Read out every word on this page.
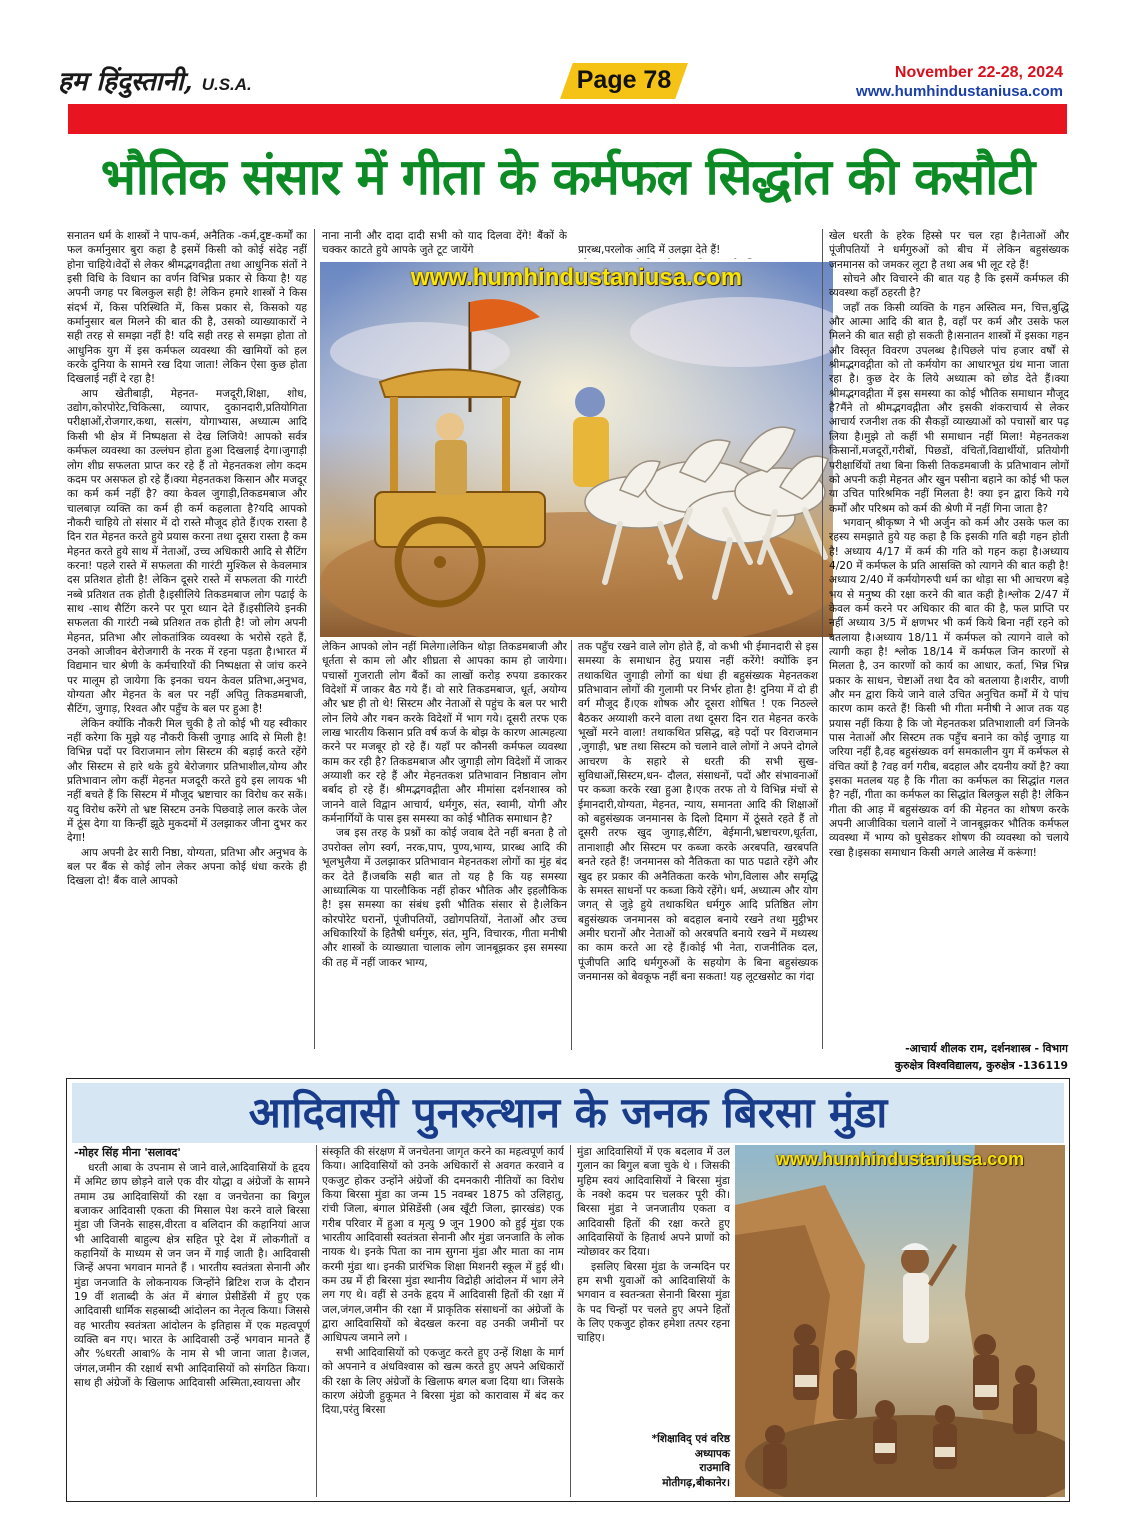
हम हिंदुस्तानी, U.S.A.	Page 78	November 22-28, 2024
www.humhindustaniusa.com
भौतिक संसार में गीता के कर्मफल सिद्धांत की कसौटी

सनातन धर्म के शास्त्रों ने पाप-कर्म, अनैतिक -कर्म,दुष्ट-कर्मों का फल कर्मानुसार बुरा कहा है इसमें किसी को कोई संदेह नहीं होना चाहिये।वेदों से लेकर श्रीमद्भगवद्गीता तथा आधुनिक संतों ने इसी विधि के विधान का वर्णन विभिन्न प्रकार से किया है! यह अपनी जगह पर बिलकुल सही है! लेकिन हमारे शास्त्रों ने किस संदर्भ में, किस परिस्थिति में, किस प्रकार से, किसको यह कर्मानुसार बल मिलने की बात की है, उसको व्याख्याकारों ने सही तरह से समझा नहीं है! यदि सही तरह से समझा होता तो आधुनिक युग में इस कर्मफल व्यवस्था की खामियों को हल करके दुनिया के सामने रख दिया जाता! लेकिन ऐसा कुछ होता दिखलाई नहीं दे रहा है!

आप खेतीबाड़ी, मेहनत- मजदूरी,शिक्षा, शोध, उद्योग,कोरपोरेट,चिकित्सा, व्यापार, दुकानदारी,प्रतियोगिता परीक्षाओं,रोजगार,कथा, सत्संग, योगाभ्यास, अध्यात्म आदि किसी भी क्षेत्र में निष्पक्षता से देख लिजिये! आपको सर्वत्र कर्मफल व्यवस्था का उल्लंघन होता हुआ दिखलाई देगा।जुगाड़ी लोग शीघ्र सफलता प्राप्त कर रहे हैं तो मेहनतकश लोग कदम कदम पर असफल हो रहे हैं।क्या मेहनतकश किसान और मजदूर का कर्म कर्म नहीं है? क्या केवल जुगाड़ी,तिकडमबाज और चालबाज़ व्यक्ति का कर्म ही कर्म कहलाता है?यदि आपको नौकरी चाहिये तो संसार में दो रास्ते मौजूद होते हैं।एक रास्ता है दिन रात मेहनत करते हुये प्रयास करना तथा दूसरा रास्ता है कम मेहनत करते हुये साथ में नेताओं, उच्च अधिकारी आदि से सैटिंग करना! पहले रास्ते में सफलता की गारंटी मुश्किल से केवलमात्र दस प्रतिशत होती है! लेकिन दूसरे रास्ते में सफलता की गारंटी नब्बे प्रतिशत तक होती है।इसीलिये तिकडमबाज लोग पढाई के साथ -साथ सैटिंग करने पर पूरा ध्यान देते हैं।इसीलिये इनकी सफलता की गारंटी नब्बे प्रतिशत तक होती है! जो लोग अपनी मेहनत, प्रतिभा और लोकतांत्रिक व्यवस्था के भरोसे रहते हैं, उनको आजीवन बेरोजगारी के नरक में रहना पड़ता है।भारत में विद्यमान चार श्रेणी के कर्मचारियों की निष्पक्षता से जांच करने पर मालूम हो जायेगा कि इनका चयन केवल प्रतिभा,अनुभव, योग्यता और मेहनत के बल पर नहीं अपितु तिकडमबाजी, सैटिंग, जुगाड़, रिश्वत और पहुँच के बल पर हुआ है!

लेकिन क्योंकि नौकरी मिल चुकी है तो कोई भी यह स्वीकार नहीं करेगा कि मुझे यह नौकरी किसी जुगाड़ आदि से मिली है! विभिन्न पदों पर विराजमान लोग सिस्टम की बड़ाई करते रहेंगे और सिस्टम से हारे थके हुये बेरोजगार प्रतिभाशील,योग्य और प्रतिभावान लोग कहीं मेहनत मजदूरी करते हुये इस लायक भी नहीं बचते हैं कि सिस्टम में मौजूद भ्रष्टाचार का विरोध कर सकें।यदु विरोध करेंगे तो भ्रष्ट सिस्टम उनके पिछवाड़े लाल करके जेल में ठूंस देगा या किन्हीं झूठे मुकदमों में उलझाकर जीना दुभर कर देगा!

आप अपनी ढेर सारी निष्ठा, योग्यता, प्रतिभा और अनुभव के बल पर बैंक से कोई लोन लेकर अपना कोई धंधा करके ही दिखला दो! बैंक वाले आपको

नाना नानी और दादा दादी सभी को याद दिलवा देंगे! बैंकों के चक्कर काटते हुये आपके जुते टूट जायेंगे	प्रारब्ध,परलोक आदि में उलझा देते हैं!

www.humhindustaniusa.com

लेकिन आपको लोन नहीं मिलेगा।लेकिन थोड़ा तिकडमबाजी और धूर्तता से काम लो और शीघ्रता से आपका काम हो जायेगा। पचासों गुजराती लोग बैंकों का लाखों करोड़ रुपया डकारकर विदेशों में जाकर बैठ गये हैं। वो सारे तिकडमबाज, धूर्त, अयोग्य और भ्रष्ट ही तो थे! सिस्टम और नेताओं से पहुंच के बल पर भारी लोन लिये और गबन करके विदेशों में भाग गये। दूसरी तरफ एक लाख भारतीय किसान प्रति वर्ष कर्ज के बोझ के कारण आत्महत्या करने पर मजबूर हो रहे हैं। यहाँ पर कौनसी कर्मफल व्यवस्था काम कर रही है? तिकडमबाज और जुगाड़ी लोग विदेशों में जाकर अय्याशी कर रहे हैं और मेहनतकश प्रतिभावान निष्ठावान लोग बर्बाद हो रहे हैं। श्रीमद्भगवद्गीता और मीमांसा दर्शनशास्त्र को जानने वाले विद्वान आचार्य, धर्मगुरु, संत, स्वामी, योगी और कर्मनार्गियों के पास इस समस्या का कोई भौतिक समाधान है?

जब इस तरह के प्रश्नों का कोई जवाब देते नहीं बनता है तो उपरोक्त लोग स्वर्ग, नरक,पाप, पुण्य,भाग्य, प्रारब्ध आदि की भूलभुलैया में उलझाकर प्रतिभावान मेहनतकश लोगों का मुंह बंद कर देते हैं।जबकि सही बात तो यह है कि यह समस्या आध्यात्मिक या पारलौकिक नहीं होकर भौतिक और इहलौकिक है! इस समस्या का संबंध इसी भौतिक संसार से है।लेकिन कोरपोरेट घरानों, पूंजीपतियों, उद्योगपतियों, नेताओं और उच्च अधिकारियों के हितैषी धर्मगुरु, संत, मुनि, विचारक, गीता मनीषी और शास्त्रों के व्याख्याता चालाक लोग जानबूझकर इस समस्या की तह में नहीं जाकर भाग्य,

तक पहुँच रखने वाले लोग होते हैं, वो कभी भी ईमानदारी से इस समस्या के समाधान हेतु प्रयास नहीं करेंगे! क्योंकि इन तथाकथित जुगाड़ी लोगों का धंधा ही बहुसंख्यक मेहनतकश प्रतिभावान लोगों की गुलामी पर निर्भर होता है! दुनिया में दो ही वर्ग मौजूद हैं।एक शोषक और दूसरा शोषित ! एक निठल्ले बैठकर अय्याशी करने वाला तथा दूसरा दिन रात मेहनत करके भूखों मरने वाला! तथाकथित प्रसिद्ध, बड़े पदों पर विराजमान ,जुगाड़ी, भ्रष्ट तथा सिस्टम को चलाने वाले लोगों ने अपने दोगले आचरण के सहारे से धरती की सभी सुख-सुविधाओं,सिस्टम,धन- दौलत, संसाधनों, पदों और संभावनाओं पर कब्जा करके रखा हुआ है।एक तरफ तो ये विभिन्न मंचों से ईमानदारी,योग्यता, मेहनत, न्याय, समानता आदि की शिक्षाओं को बहुसंख्यक जनमानस के दिलो दिमाग में ठूंसते रहते हैं तो दूसरी तरफ खुद जुगाड़,सैटिंग, बेईमानी,भ्रष्टाचरण,धूर्तता, तानाशाही और सिस्टम पर कब्जा करके अरबपति, खरबपति बनते रहते हैं! जनमानस को नैतिकता का पाठ पढाते रहेंगे और खुद हर प्रकार की अनैतिकता करके भोग,विलास और समृद्धि के समस्त साधनों पर कब्जा किये रहेंगे। धर्म, अध्यात्म और योग जगत् से जुड़े हुये तथाकथित धर्मगुरु आदि प्रतिष्ठित लोग बहुसंख्यक जनमानस को बदहाल बनाये रखने तथा मुट्ठीभर अमीर घरानों और नेताओं को अरबपति बनाये रखने में मध्यस्थ का काम करते आ रहे हैं।कोई भी नेता, राजनीतिक दल, पूंजीपति आदि धर्मगुरुओं के सहयोग के बिना बहुसंख्यक जनमानस को बेवकूफ नहीं बना सकता! यह लूटखसोट का गंदा

खेल धरती के हरेक हिस्से पर चल रहा है।नेताओं और पूंजीपतियों ने धर्मगुरुओं को बीच में लेकिन बहुसंख्यक जनमानस को जमकर लूटा है तथा अब भी लूट रहे हैं!

सोचने और विचारने की बात यह है कि इसमें कर्मफल की व्यवस्था कहाँ ठहरती है?

जहाँ तक किसी व्यक्ति के गहन अस्तित्व मन, चित्त,बुद्धि और आत्मा आदि की बात है, वहाँ पर कर्म और उसके फल मिलने की बात सही हो सकती है।सनातन शास्त्रों में इसका गहन और विस्तृत विवरण उपलब्ध है।पिछले पांच हजार वर्षों से श्रीमद्भगवद्गीता को तो कर्मयोग का आधारभूत ग्रंथ माना जाता रहा है। कुछ देर के लिये अध्यात्म को छोड देते हैं।क्या श्रीमद्भगवद्गीता में इस समस्या का कोई भौतिक समाधान मौजूद है?मैंने तो श्रीमद्भगवद्गीता और इसकी शंकराचार्य से लेकर आचार्य रजनीश तक की सैकड़ों व्याख्याओं को पचासों बार पढ़ लिया है।मुझे तो कहीं भी समाधान नहीं मिला! मेहनतकश किसानों,मजदूरों,गरीबों, पिछडों, वंचितों,विद्यार्थीयों, प्रतियोगी परीक्षार्थियों तथा बिना किसी तिकडमबाजी के प्रतिभावान लोगों को अपनी कड़ी मेहनत और खुन पसीना बहाने का कोई भी फल या उचित पारिश्रमिक नहीं मिलता है! क्या इन द्वारा किये गये कर्मों और परिश्रम को कर्म की श्रेणी में नहीं गिना जाता है?

भगवान् श्रीकृष्ण ने भी अर्जुन को कर्म और उसके फल का रहस्य समझाते हुये यह कहा है कि इसकी गति बड़ी गहन होती है! अध्याय 4/17 में कर्म की गति को गहन कहा है।अध्याय 4/20 में कर्मफल के प्रति आसक्ति को त्यागने की बात कही है! अध्याय 2/40 में कर्मयोगरुपी धर्म का थोड़ा सा भी आचरण बड़े भय से मनुष्य की रक्षा करने की बात कही है।श्लोक 2/47 में केवल कर्म करने पर अधिकार की बात की है, फल प्राप्ति पर नहीं अध्याय 3/5 में क्षणभर भी कर्म किये बिना नहीं रहने को बतलाया है।अध्याय 18/11 में कर्मफल को त्यागने वाले को त्यागी कहा है! श्लोक 18/14 में कर्मफल जिन कारणों से मिलता है, उन कारणों को कार्य का आधार, कर्ता, भिन्न भिन्न प्रकार के साधन, चेष्टाओं तथा दैव को बतलाया है।शरीर, वाणी और मन द्वारा किये जाने वाले उचित अनुचित कर्मों में ये पांच कारण काम करते हैं! किसी भी गीता मनीषी ने आज तक यह प्रयास नहीं किया है कि जो मेहनतकश प्रतिभाशाली वर्ग जिनके पास नेताओं और सिस्टम तक पहुँच बनाने का कोई जुगाड़ या जरिया नहीं है,वह बहुसंख्यक वर्ग समकालीन युग में कर्मफल से वंचित क्यों है ?वह वर्ग गरीब, बदहाल और दयनीय क्यों है? क्या इसका मतलब यह है कि गीता का कर्मफल का सिद्धांत गलत है? नहीं, गीता का कर्मफल का सिद्धांत बिलकुल सही है! लेकिन गीता की आड़ में बहुसंख्यक वर्ग की मेहनत का शोषण करके अपनी आजीविका चलाने वालों ने जानबूझकर भौतिक कर्मफल व्यवस्था में भाग्य को घुसेडकर शोषण की व्यवस्था को चलाये रखा है।इसका समाधान किसी अगले आलेख में करूंगा!

-आचार्य शीलक राम, दर्शनशास्त्र - विभाग
कुरुक्षेत्र विश्वविद्यालय, कुरुक्षेत्र -136119
आदिवासी पुनरुत्थान के जनक बिरसा मुंडा
-मोहर सिंह मीना 'सलावद'

धरती आबा के उपनाम से जाने वाले,आदिवासियों के हृदय में अमिट छाप छोड़ने वाले एक वीर योद्धा व अंग्रेजों के सामने तमाम उम्र आदिवासियों की रक्षा व जनचेतना का बिगुल बजाकर आदिवासी एकता की मिसाल पेश करने वाले बिरसा मुंडा जी जिनके साहस,वीरता व बलिदान की कहानियां आज भी आदिवासी बाहुल्य क्षेत्र सहित पूरे देश में लोकगीतों व कहानियों के माध्यम से जन जन में गाई जाती है। आदिवासी जिन्हें अपना भगवान मानते हैं । भारतीय स्वतंत्रता सेनानी और मुंडा जनजाति के लोकनायक जिन्होंने ब्रिटिश राज के दौरान 19 वीं शताब्दी के अंत में बंगाल प्रेसीडेंसी में हुए एक आदिवासी धार्मिक सहस्राब्दी आंदोलन का नेतृत्व किया। जिससे वह भारतीय स्वतंत्रता आंदोलन के इतिहास में एक महत्वपूर्ण व्यक्ति बन गए। भारत के आदिवासी उन्हें भगवान मानते हैं और %धरती आबा% के नाम से भी जाना जाता है।जल, जंगल,जमीन की रक्षार्थ सभी आदिवासियों को संगठित किया। साथ ही अंग्रेजों के खिलाफ आदिवासी अस्मिता,स्वायत्ता और

संस्कृति की संरक्षण में जनचेतना जागृत करने का महत्वपूर्ण कार्य किया। आदिवासियों को उनके अधिकारों से अवगत करवाने व एकजुट होकर उन्होंने अंग्रेजों की दमनकारी नीतियों का विरोध किया बिरसा मुंडा का जन्म 15 नवम्बर 1875 को उलिहातु, रांची जिला, बंगाल प्रेसिडेंसी (अब खूँटी जिला, झारखंड) एक गरीब परिवार में हुआ व मृत्यु 9 जून 1900 को हुई मुंडा एक भारतीय आदिवासी स्वतंत्रता सेनानी और मुंडा जनजाति के लोक नायक थे। इनके पिता का नाम सुगना मुंडा और माता का नाम करमी मुंडा था। इनकी प्रारंभिक शिक्षा मिशनरी स्कूल में हुई थी। कम उम्र में ही बिरसा मुंडा स्थानीय विद्रोही आंदोलन में भाग लेने लग गए थे। वहीं से उनके हृदय में आदिवासी हितों की रक्षा में जल,जंगल,जमीन की रक्षा में प्राकृतिक संसाधनों का अंग्रेजों के द्वारा आदिवासियों को बेदखल करना वह उनकी जमीनों पर आधिपत्य जमाने लगे ।

सभी आदिवासियों को एकजुट करते हुए उन्हें शिक्षा के मार्ग को अपनाने व अंधविश्वास को खत्म करते हुए अपने अधिकारों की रक्षा के लिए अंग्रेजों के खिलाफ बगल बजा दिया था। जिसके कारण अंग्रेजी हुकूमत ने बिरसा मुंडा को कारावास में बंद कर दिया,परंतु बिरसा

मुंडा आदिवासियों में एक बदलाव में उल गुलान का बिगुल बजा चुके थे । जिसकी मुहिम स्वयं आदिवासियों ने बिरसा मुंडा के नक्शे कदम पर चलकर पूरी की। बिरसा मुंडा ने जनजातीय एकता व आदिवासी हितों की रक्षा करते हुए आदिवासियों के हितार्थ अपने प्राणों को न्योछावर कर दिया।

इसलिए बिरसा मुंडा के जन्मदिन पर हम सभी युवाओं को आदिवासियों के भगवान व स्वतन्त्रता सेनानी बिरसा मुंडा के पद चिन्हों पर चलते हुए अपने हितों के लिए एकजुट होकर हमेशा तत्पर रहना चाहिए।

*शिक्षाविद् एवं वरिष्ठ
अध्यापक
राउमावि
मोतीगढ़,बीकानेर।
www.humhindustaniusa.com
